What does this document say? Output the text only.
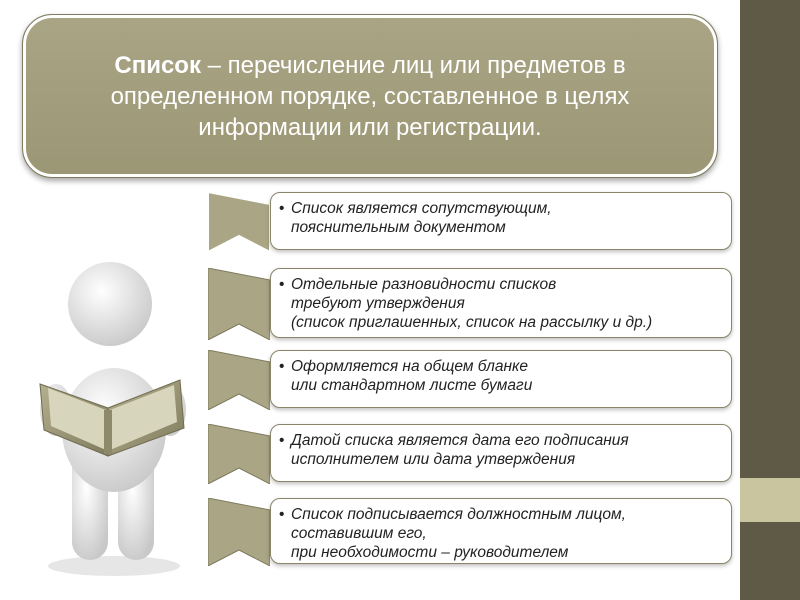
Список – перечисление лиц или предметов в определенном порядке, составленное в целях информации или регистрации.
• Список является сопутствующим,
пояснительным документом
• Отдельные разновидности списков
требуют утверждения
(список приглашенных, список на рассылку и др.)
• Оформляется на общем бланке
или стандартном листе бумаги
• Датой списка является дата его подписания
исполнителем или дата утверждения
• Список подписывается должностным лицом,
составившим его,
при необходимости – руководителем
